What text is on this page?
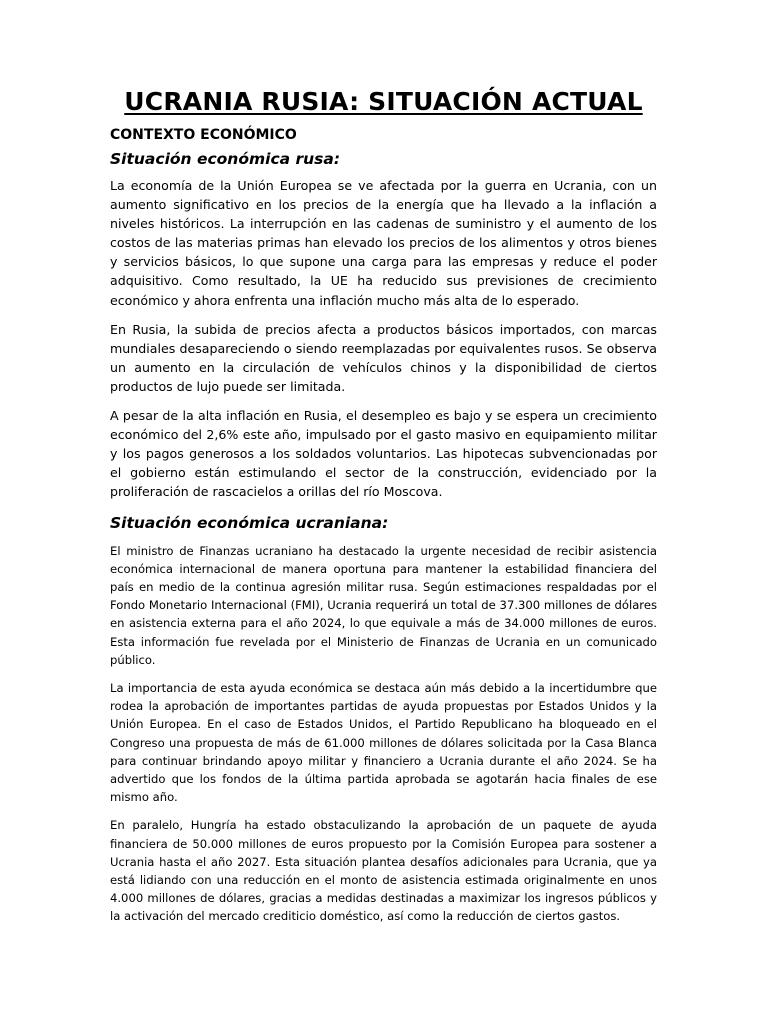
UCRANIA RUSIA: SITUACIÓN ACTUAL
CONTEXTO ECONÓMICO
Situación económica rusa:

La economía de la Unión Europea se ve afectada por la guerra en Ucrania, con un aumento significativo en los precios de la energía que ha llevado a la inflación a niveles históricos. La interrupción en las cadenas de suministro y el aumento de los costos de las materias primas han elevado los precios de los alimentos y otros bienes y servicios básicos, lo que supone una carga para las empresas y reduce el poder adquisitivo. Como resultado, la UE ha reducido sus previsiones de crecimiento económico y ahora enfrenta una inflación mucho más alta de lo esperado.

En Rusia, la subida de precios afecta a productos básicos importados, con marcas mundiales desapareciendo o siendo reemplazadas por equivalentes rusos. Se observa un aumento en la circulación de vehículos chinos y la disponibilidad de ciertos productos de lujo puede ser limitada.

A pesar de la alta inflación en Rusia, el desempleo es bajo y se espera un crecimiento económico del 2,6% este año, impulsado por el gasto masivo en equipamiento militar y los pagos generosos a los soldados voluntarios. Las hipotecas subvencionadas por el gobierno están estimulando el sector de la construcción, evidenciado por la proliferación de rascacielos a orillas del río Moscova.

Situación económica ucraniana:

El ministro de Finanzas ucraniano ha destacado la urgente necesidad de recibir asistencia económica internacional de manera oportuna para mantener la estabilidad financiera del país en medio de la continua agresión militar rusa. Según estimaciones respaldadas por el Fondo Monetario Internacional (FMI), Ucrania requerirá un total de 37.300 millones de dólares en asistencia externa para el año 2024, lo que equivale a más de 34.000 millones de euros. Esta información fue revelada por el Ministerio de Finanzas de Ucrania en un comunicado público.

La importancia de esta ayuda económica se destaca aún más debido a la incertidumbre que rodea la aprobación de importantes partidas de ayuda propuestas por Estados Unidos y la Unión Europea. En el caso de Estados Unidos, el Partido Republicano ha bloqueado en el Congreso una propuesta de más de 61.000 millones de dólares solicitada por la Casa Blanca para continuar brindando apoyo militar y financiero a Ucrania durante el año 2024. Se ha advertido que los fondos de la última partida aprobada se agotarán hacia finales de ese mismo año.

En paralelo, Hungría ha estado obstaculizando la aprobación de un paquete de ayuda financiera de 50.000 millones de euros propuesto por la Comisión Europea para sostener a Ucrania hasta el año 2027. Esta situación plantea desafíos adicionales para Ucrania, que ya está lidiando con una reducción en el monto de asistencia estimada originalmente en unos 4.000 millones de dólares, gracias a medidas destinadas a maximizar los ingresos públicos y la activación del mercado crediticio doméstico, así como la reducción de ciertos gastos.
